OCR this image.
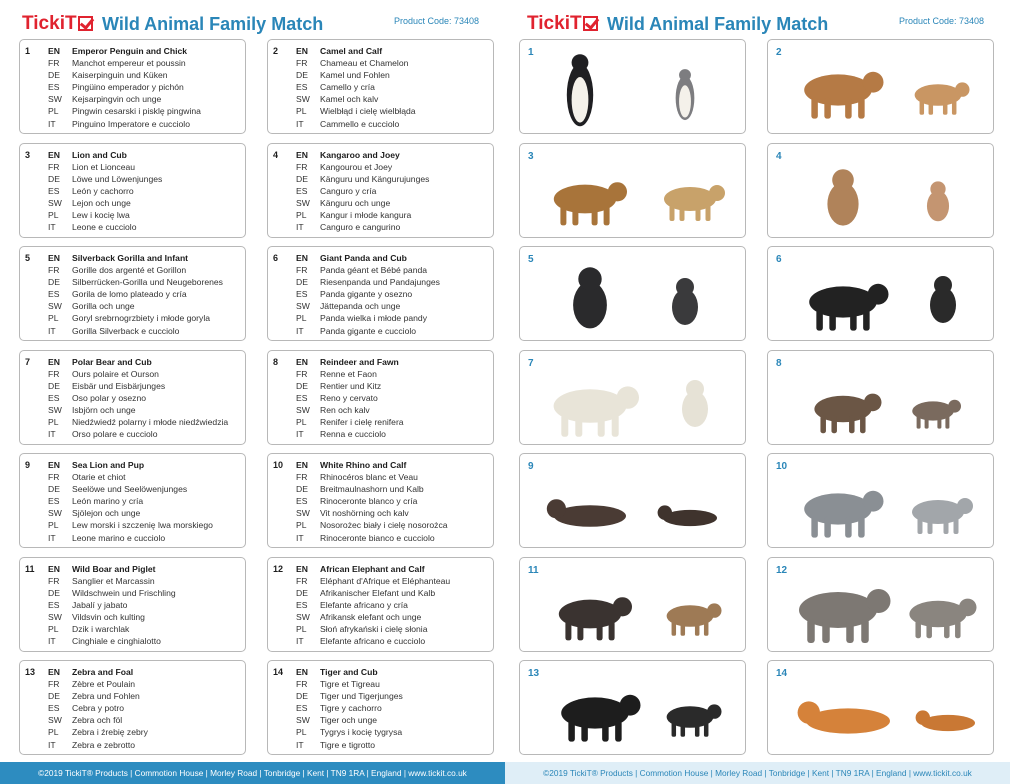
TickiT	Wild Animal Family Match	Product Code: 73408
1 EN	Emperor Penguin and Chick
FR	Manchot empereur et poussin
DE	Kaiserpinguin und Küken
ES	Pingüino emperador y pichón
SW	Kejsarpingvin och unge
PL	Pingwin cesarski i pisklę pingwina
IT	Pinguino Imperatore e cucciolo
2 EN	Camel and Calf
FR	Chameau et Chamelon
DE	Kamel und Fohlen
ES	Camello y cría
SW	Kamel och kalv
PL	Wielbłąd i cielę wielbłąda
IT	Cammello e cucciolo
3 EN	Lion and Cub
FR	Lion et Lionceau
DE	Löwe und Löwenjunges
ES	León y cachorro
SW	Lejon och unge
PL	Lew i kocię lwa
IT	Leone e cucciolo
4 EN	Kangaroo and Joey
FR	Kangourou et Joey
DE	Känguru und Kängurujunges
ES	Canguro y cría
SW	Känguru och unge
PL	Kangur i młode kangura
IT	Canguro e cangurino
5 EN	Silverback Gorilla and Infant
FR	Gorille dos argenté et Gorillon
DE	Silberrücken-Gorilla und Neugeborenes
ES	Gorila de lomo plateado y cría
SW	Gorilla och unge
PL	Goryl srebrnogrzbiety i młode goryla
IT	Gorilla Silverback e cucciolo
6 EN	Giant Panda and Cub
FR	Panda géant et Bébé panda
DE	Riesenpanda und Pandajunges
ES	Panda gigante y osezno
SW	Jättepanda och unge
PL	Panda wielka i młode pandy
IT	Panda gigante e cucciolo
7 EN	Polar Bear and Cub
FR	Ours polaire et Ourson
DE	Eisbär und Eisbärjunges
ES	Oso polar y osezno
SW	Isbjörn och unge
PL	Niedźwiedź polarny i młode niedźwiedzia
IT	Orso polare e cucciolo
8 EN	Reindeer and Fawn
FR	Renne et Faon
DE	Rentier und Kitz
ES	Reno y cervato
SW	Ren och kalv
PL	Renifer i cielę renifera
IT	Renna e cucciolo
9 EN	Sea Lion and Pup
FR	Otarie et chiot
DE	Seelöwe und Seelöwenjunges
ES	León marino y cría
SW	Sjölejon och unge
PL	Lew morski i szczenię lwa morskiego
IT	Leone marino e cucciolo
10 EN	White Rhino and Calf
FR	Rhinocéros blanc et Veau
DE	Breitmaulnashorn und Kalb
ES	Rinoceronte blanco y cría
SW	Vit noshörning och kalv
PL	Nosorożec biały i cielę nosorożca
IT	Rinoceronte bianco e cucciolo
11 EN	Wild Boar and Piglet
FR	Sanglier et Marcassin
DE	Wildschwein und Frischling
ES	Jabalí y jabato
SW	Vildsvin och kulting
PL	Dzik i warchlak
IT	Cinghiale e cinghialotto
12 EN	African Elephant and Calf
FR	Eléphant d'Afrique et Eléphanteau
DE	Afrikanischer Elefant und Kalb
ES	Elefante africano y cría
SW	Afrikansk elefant och unge
PL	Słoń afrykański i cielę słonia
IT	Elefante africano e cucciolo
13 EN	Zebra and Foal
FR	Zèbre et Poulain
DE	Zebra und Fohlen
ES	Cebra y potro
SW	Zebra och föl
PL	Zebra i źrebię zebry
IT	Zebra e zebrotto
14 EN	Tiger and Cub
FR	Tigre et Tigreau
DE	Tiger und Tigerjunges
ES	Tigre y cachorro
SW	Tiger och unge
PL	Tygrys i kocię tygrysa
IT	Tigre e tigrotto
©2019 TickiT® Products | Commotion House | Morley Road | Tonbridge | Kent | TN9 1RA | England | www.tickit.co.uk
TickiT	Wild Animal Family Match	Product Code: 73408
1	2
3	4
5	6
7	8
9	10
11	12
13	14
©2019 TickiT® Products | Commotion House | Morley Road | Tonbridge | Kent | TN9 1RA | England | www.tickit.co.uk
